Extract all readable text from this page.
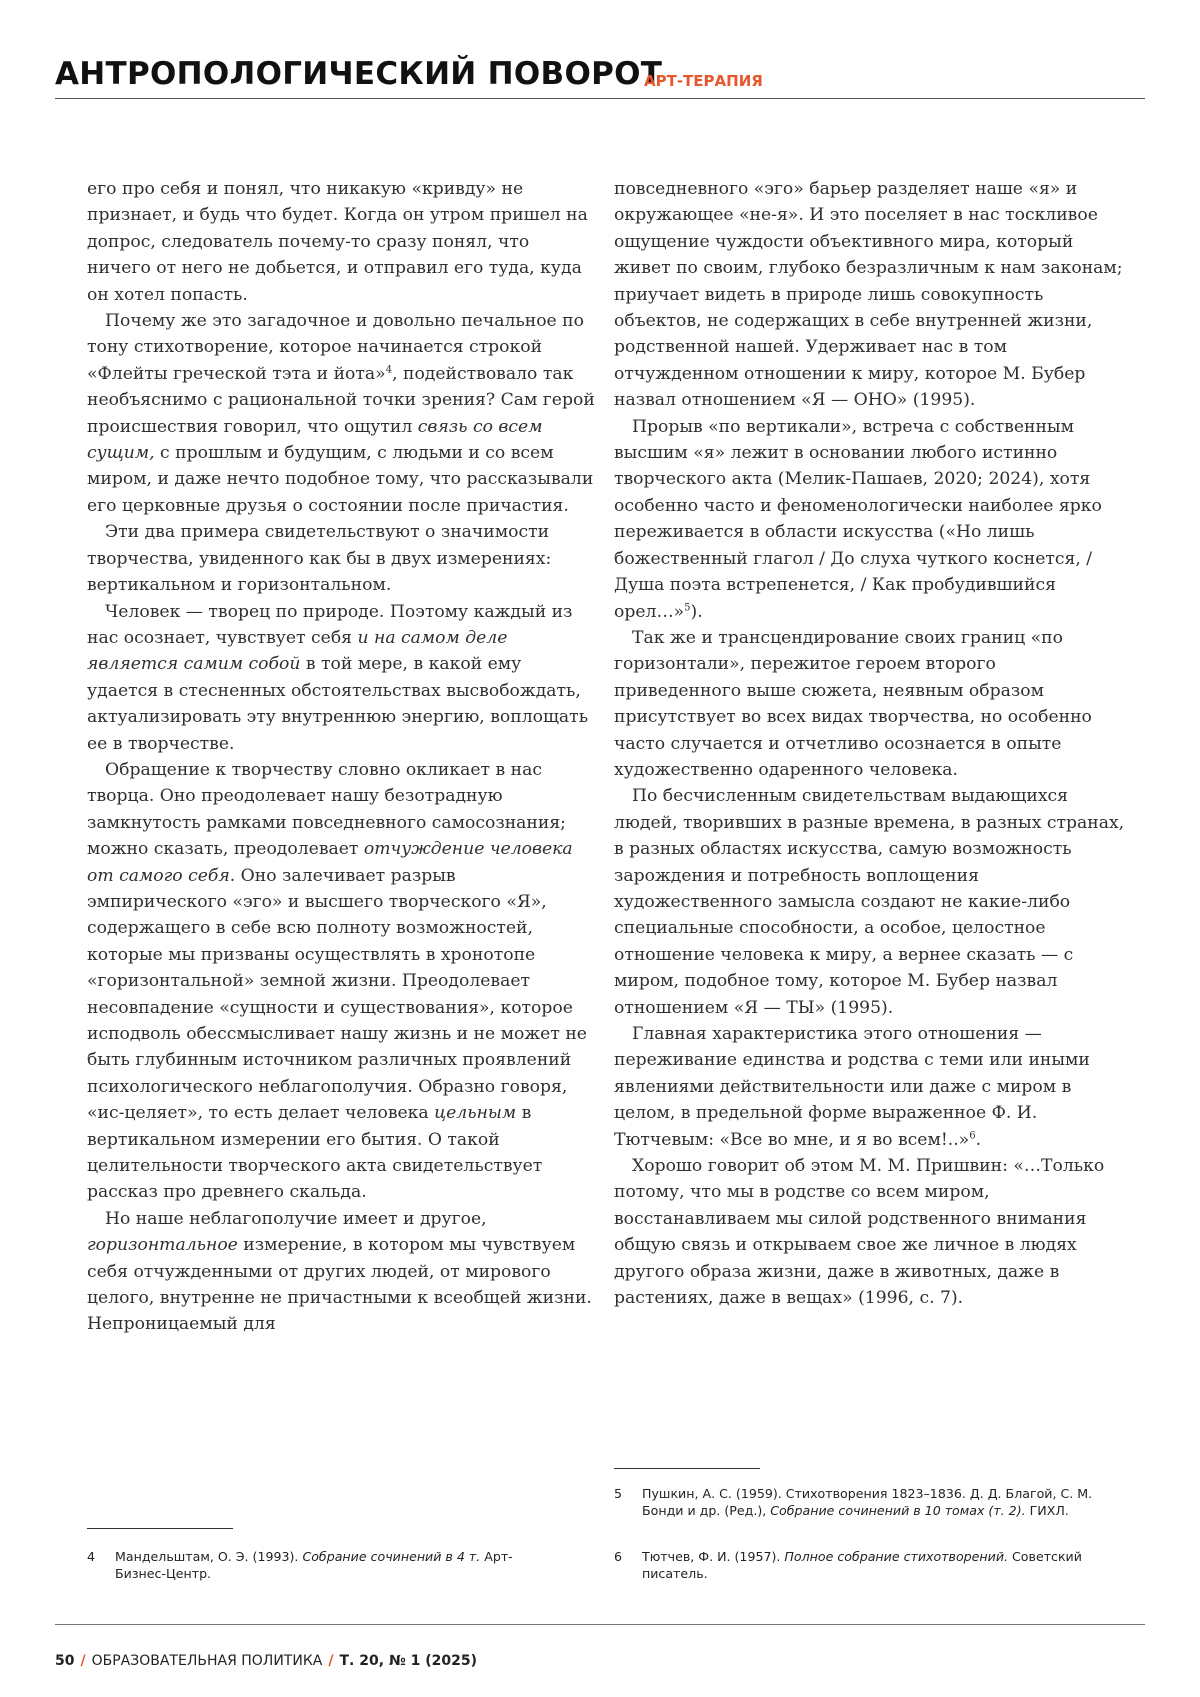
АНТРОПОЛОГИЧЕСКИЙ ПОВОРОТ
АРТ-ТЕРАПИЯ

его про себя и понял, что никакую «кривду» не признает, и будь что будет. Когда он утром пришел на допрос, следователь почему-то сразу понял, что ничего от него не добьется, и отправил его туда, куда он хотел попасть.

Почему же это загадочное и довольно печальное по тону стихотворение, которое начинается строкой «Флейты греческой тэта и йота»4, подействовало так необъяснимо с рациональной точки зрения? Сам герой происшествия говорил, что ощутил связь со всем сущим, с прошлым и будущим, с людьми и со всем миром, и даже нечто подобное тому, что рассказывали его церковные друзья о состоянии после причастия.

Эти два примера свидетельствуют о значимости творчества, увиденного как бы в двух измерениях: вертикальном и горизонтальном.

Человек — творец по природе. Поэтому каждый из нас осознает, чувствует себя и на самом деле является самим собой в той мере, в какой ему удается в стесненных обстоятельствах высвобождать, актуализировать эту внутреннюю энергию, воплощать ее в творчестве.

Обращение к творчеству словно окликает в нас творца. Оно преодолевает нашу безотрадную замкнутость рамками повседневного самосознания; можно сказать, преодолевает отчуждение человека от самого себя. Оно залечивает разрыв эмпирического «эго» и высшего творческого «Я», содержащего в себе всю полноту возможностей, которые мы призваны осуществлять в хронотопе «горизонтальной» земной жизни. Преодолевает несовпадение «сущности и существования», которое исподволь обессмысливает нашу жизнь и не может не быть глубинным источником различных проявлений психологического неблагополучия. Образно говоря, «ис-целяет», то есть делает человека цельным в вертикальном измерении его бытия. О такой целительности творческого акта свидетельствует рассказ про древнего скальда.

Но наше неблагополучие имеет и другое, горизонтальное измерение, в котором мы чувствуем себя отчужденными от других людей, от мирового целого, внутренне не причастными к всеобщей жизни. Непроницаемый для

повседневного «эго» барьер разделяет наше «я» и окружающее «не-я». И это поселяет в нас тоскливое ощущение чуждости объективного мира, который живет по своим, глубоко безразличным к нам законам; приучает видеть в природе лишь совокупность объектов, не содержащих в себе внутренней жизни, родственной нашей. Удерживает нас в том отчужденном отношении к миру, которое М. Бубер назвал отношением «Я — ОНО» (1995).

Прорыв «по вертикали», встреча с собственным высшим «я» лежит в основании любого истинно творческого акта (Мелик-Пашаев, 2020; 2024), хотя особенно часто и феноменологически наиболее ярко переживается в области искусства («Но лишь божественный глагол / До слуха чуткого коснется, / Душа поэта встрепенется, / Как пробудившийся орел…»5).

Так же и трансцендирование своих границ «по горизонтали», пережитое героем второго приведенного выше сюжета, неявным образом присутствует во всех видах творчества, но особенно часто случается и отчетливо осознается в опыте художественно одаренного человека.

По бесчисленным свидетельствам выдающихся людей, творивших в разные времена, в разных странах, в разных областях искусства, самую возможность зарождения и потребность воплощения художественного замысла создают не какие-либо специальные способности, а особое, целостное отношение человека к миру, а вернее сказать — с миром, подобное тому, которое М. Бубер назвал отношением «Я — ТЫ» (1995).

Главная характеристика этого отношения — переживание единства и родства с теми или иными явлениями действительности или даже с миром в целом, в предельной форме выраженное Ф. И. Тютчевым: «Все во мне, и я во всем!..»6.

Хорошо говорит об этом М. М. Пришвин: «…Только потому, что мы в родстве со всем миром, восстанавливаем мы силой родственного внимания общую связь и открываем свое же личное в людях другого образа жизни, даже в животных, даже в растениях, даже в вещах» (1996, с. 7).

4 Мандельштам, О. Э. (1993). Собрание сочинений в 4 т. Арт-Бизнес-Центр.
5 Пушкин, А. С. (1959). Стихотворения 1823–1836. Д. Д. Благой, С. М. Бонди и др. (Ред.), Собрание сочинений в 10 томах (т. 2). ГИХЛ.
6 Тютчев, Ф. И. (1957). Полное собрание стихотворений. Советский писатель.
50 / ОБРАЗОВАТЕЛЬНАЯ ПОЛИТИКА / Т. 20, № 1 (2025)
